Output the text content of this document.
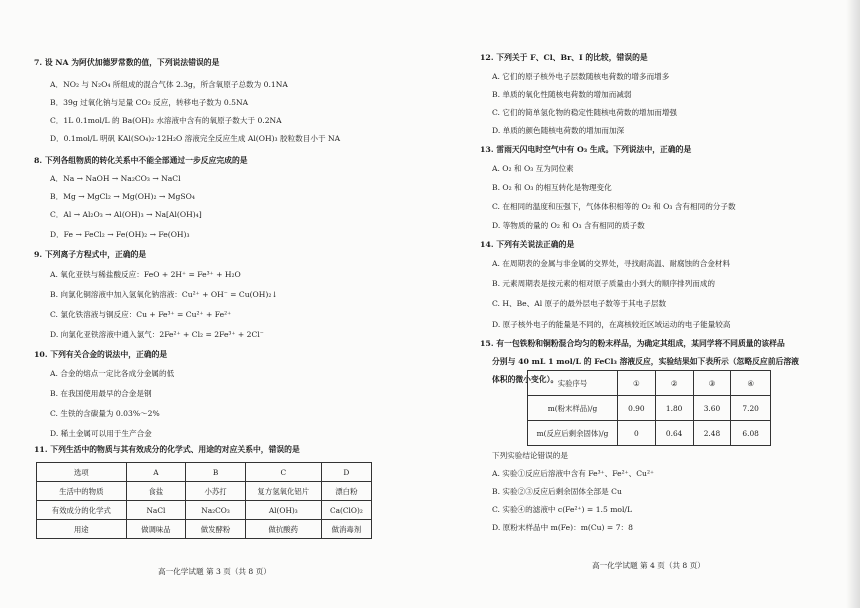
7. 设 NA 为阿伏加德罗常数的值，下列说法错误的是
A．NO₂ 与 N₂O₄ 所组成的混合气体 2.3g，所含氧原子总数为 0.1NA
B．39g 过氧化钠与足量 CO₂ 反应，转移电子数为 0.5NA
C．1L 0.1mol/L 的 Ba(OH)₂ 水溶液中含有的氧原子数大于 0.2NA
D．0.1mol/L 明矾 KAl(SO₄)₂·12H₂O 溶液完全反应生成 Al(OH)₃ 胶粒数目小于 NA
8. 下列各组物质的转化关系中不能全部通过一步反应完成的是
A．Na → NaOH → Na₂CO₃ → NaCl
B．Mg → MgCl₂ → Mg(OH)₂ → MgSO₄
C．Al → Al₂O₃ → Al(OH)₃ → Na[Al(OH)₄]
D．Fe → FeCl₂ → Fe(OH)₂ → Fe(OH)₃
9. 下列离子方程式中，正确的是
A. 氧化亚铁与稀盐酸反应：FeO + 2H⁺ = Fe³⁺ + H₂O
B. 向氯化铜溶液中加入氢氧化钠溶液：Cu²⁺ + OH⁻ = Cu(OH)₂↓
C. 氯化铁溶液与铜反应：Cu + Fe³⁺ = Cu²⁺ + Fe²⁺
D. 向氯化亚铁溶液中通入氯气：2Fe²⁺ + Cl₂ = 2Fe³⁺ + 2Cl⁻
10. 下列有关合金的说法中，正确的是
A. 合金的熔点一定比各成分金属的低
B. 在我国使用最早的合金是钢
C. 生铁的含碳量为 0.03%～2%
D. 稀土金属可以用于生产合金
11. 下列生活中的物质与其有效成分的化学式、用途的对应关系中，错误的是
选项	A	B	C	D
生活中的物质	食盐	小苏打	复方氢氧化铝片	漂白粉
有效成分的化学式	NaCl	Na₂CO₃	Al(OH)₃	Ca(ClO)₂
用途	做调味品	做发酵粉	做抗酸药	做消毒剂
高一化学试题 第 3 页（共 8 页）
12. 下列关于 F、Cl、Br、I 的比较，错误的是
A. 它们的原子核外电子层数随核电荷数的增多而增多
B. 单质的氧化性随核电荷数的增加而减弱
C. 它们的简单氢化物的稳定性随核电荷数的增加而增强
D. 单质的颜色随核电荷数的增加而加深
13. 雷雨天闪电时空气中有 O₃ 生成。下列说法中，正确的是
A. O₂ 和 O₃ 互为同位素
B. O₂ 和 O₃ 的相互转化是物理变化
C. 在相同的温度和压强下，气体体积相等的 O₂ 和 O₃ 含有相同的分子数
D. 等物质的量的 O₂ 和 O₃ 含有相同的质子数
14. 下列有关说法正确的是
A. 在周期表的金属与非金属的交界处，寻找耐高温、耐腐蚀的合金材料
B. 元素周期表是按元素的相对原子质量由小到大的顺序排列而成的
C. H、Be、Al 原子的最外层电子数等于其电子层数
D. 原子核外电子的能量是不同的，在离核较近区域运动的电子能量较高
15. 有一包铁粉和铜粉混合均匀的粉末样品，为确定其组成，某同学将不同质量的该样品
分别与 40 mL 1 mol/L 的 FeCl₃ 溶液反应，实验结果如下表所示（忽略反应前后溶液
体积的微小变化）。
下列实验结论错误的是
A. 实验①反应后溶液中含有 Fe³⁺、Fe²⁺、Cu²⁺
B. 实验②③反应后剩余固体全部是 Cu
C. 实验④的滤液中 c(Fe²⁺) = 1.5 mol/L
D. 原粉末样品中 m(Fe)：m(Cu) = 7：8
实验序号	①	②	③	④
m(粉末样品)/g	0.90	1.80	3.60	7.20
m(反应后剩余固体)/g	0	0.64	2.48	6.08
高一化学试题 第 4 页（共 8 页）
